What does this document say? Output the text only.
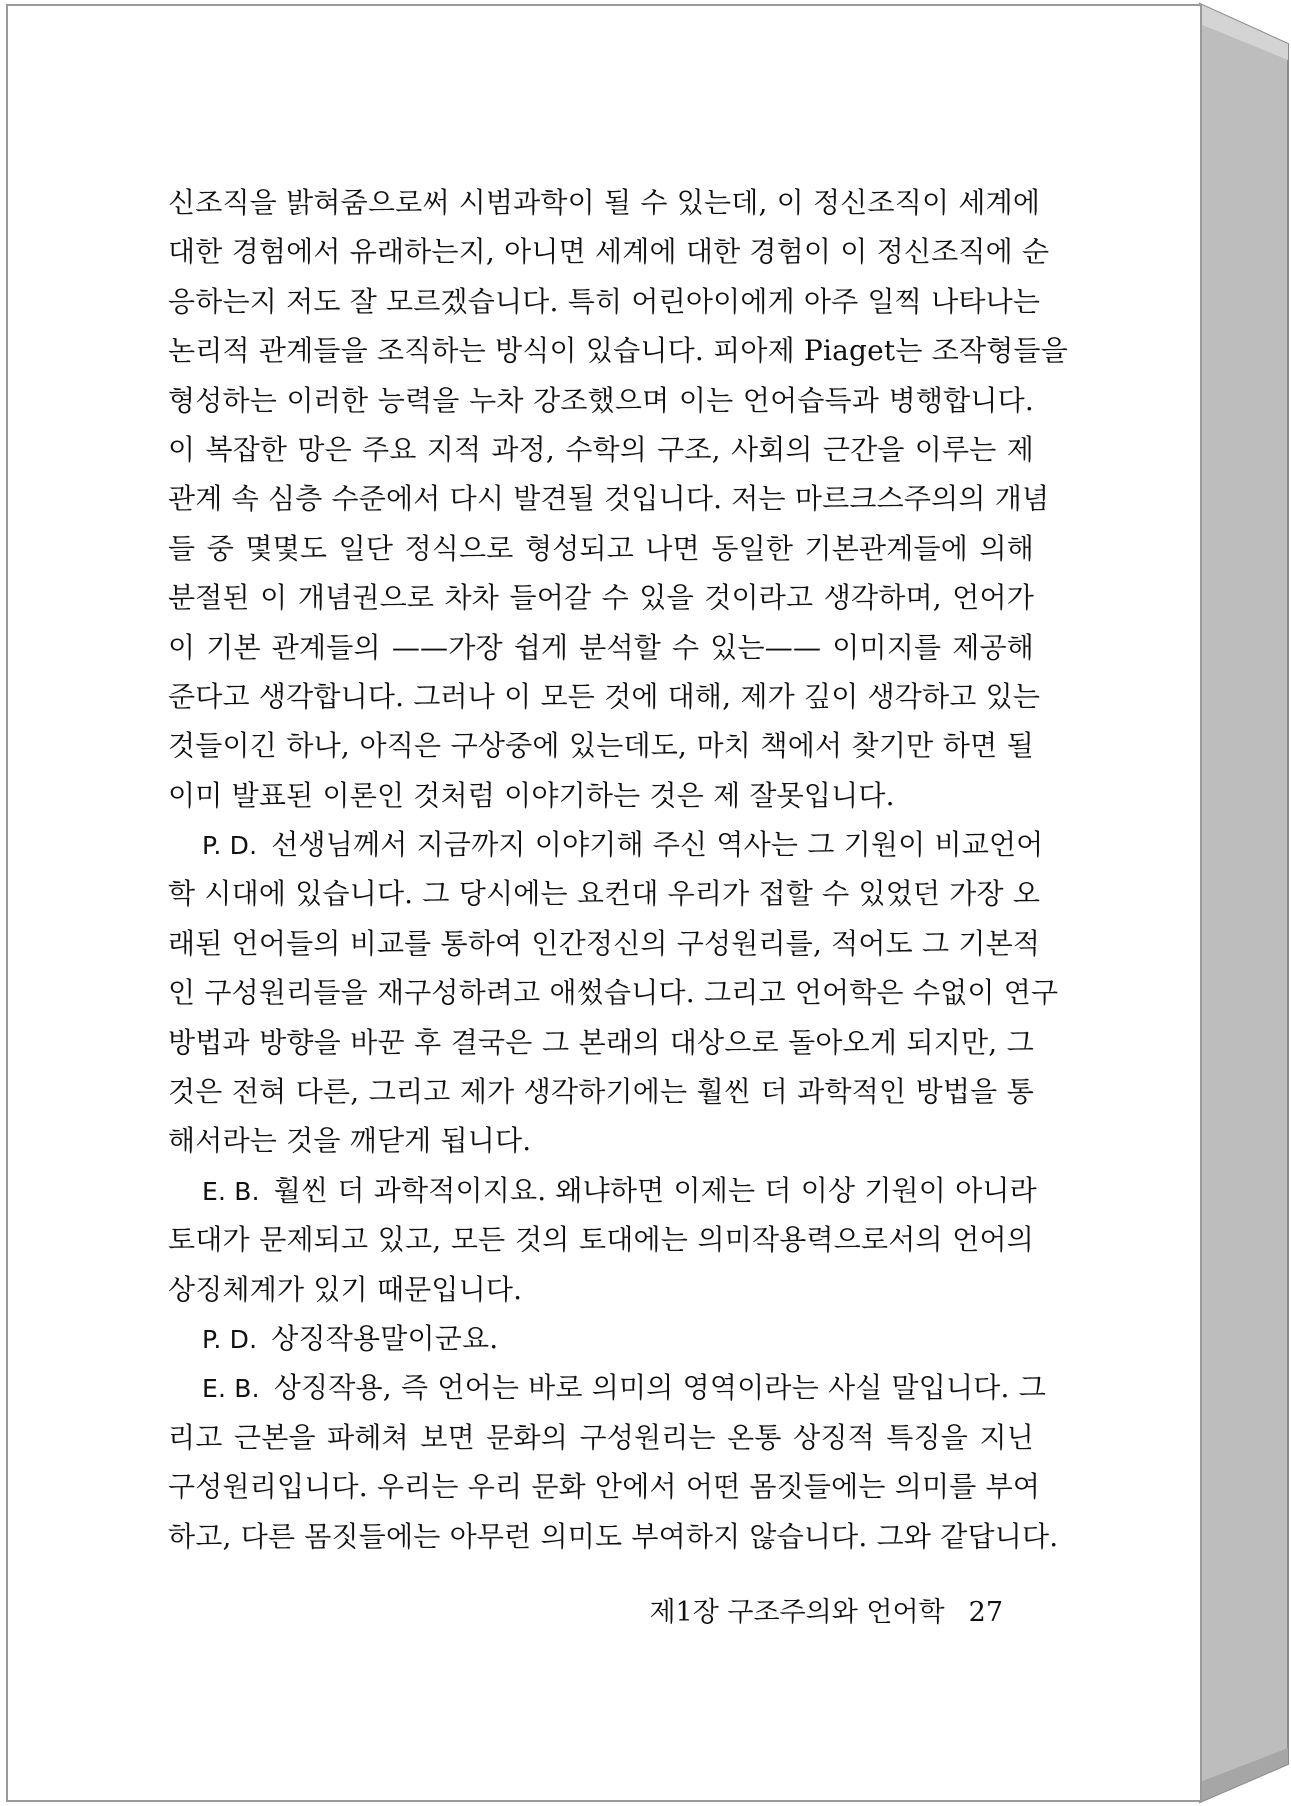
신조직을 밝혀줌으로써 시범과학이 될 수 있는데, 이 정신조직이 세계에
대한 경험에서 유래하는지, 아니면 세계에 대한 경험이 이 정신조직에 순
응하는지 저도 잘 모르겠습니다. 특히 어린아이에게 아주 일찍 나타나는
논리적 관계들을 조직하는 방식이 있습니다. 피아제 Piaget는 조작형들을
형성하는 이러한 능력을 누차 강조했으며 이는 언어습득과 병행합니다.
이 복잡한 망은 주요 지적 과정, 수학의 구조, 사회의 근간을 이루는 제
관계 속 심층 수준에서 다시 발견될 것입니다. 저는 마르크스주의의 개념
들 중 몇몇도 일단 정식으로 형성되고 나면 동일한 기본관계들에 의해
분절된 이 개념권으로 차차 들어갈 수 있을 것이라고 생각하며, 언어가
이 기본 관계들의 ——가장 쉽게 분석할 수 있는—— 이미지를 제공해
준다고 생각합니다. 그러나 이 모든 것에 대해, 제가 깊이 생각하고 있는
것들이긴 하나, 아직은 구상중에 있는데도, 마치 책에서 찾기만 하면 될
이미 발표된 이론인 것처럼 이야기하는 것은 제 잘못입니다.
P. D. 선생님께서 지금까지 이야기해 주신 역사는 그 기원이 비교언어
학 시대에 있습니다. 그 당시에는 요컨대 우리가 접할 수 있었던 가장 오
래된 언어들의 비교를 통하여 인간정신의 구성원리를, 적어도 그 기본적
인 구성원리들을 재구성하려고 애썼습니다. 그리고 언어학은 수없이 연구
방법과 방향을 바꾼 후 결국은 그 본래의 대상으로 돌아오게 되지만, 그
것은 전혀 다른, 그리고 제가 생각하기에는 훨씬 더 과학적인 방법을 통
해서라는 것을 깨닫게 됩니다.
E. B. 훨씬 더 과학적이지요. 왜냐하면 이제는 더 이상 기원이 아니라
토대가 문제되고 있고, 모든 것의 토대에는 의미작용력으로서의 언어의
상징체계가 있기 때문입니다.
P. D. 상징작용말이군요.
E. B. 상징작용, 즉 언어는 바로 의미의 영역이라는 사실 말입니다. 그
리고 근본을 파헤쳐 보면 문화의 구성원리는 온통 상징적 특징을 지닌
구성원리입니다. 우리는 우리 문화 안에서 어떤 몸짓들에는 의미를 부여
하고, 다른 몸짓들에는 아무런 의미도 부여하지 않습니다. 그와 같답니다.
제1장 구조주의와 언어학 27
